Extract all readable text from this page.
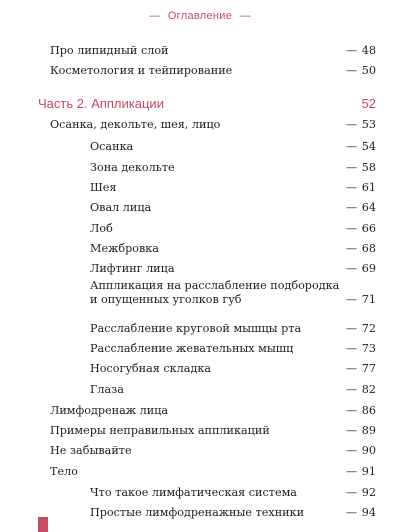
— Оглавление —
Про липидный слой	— 48
Косметология и тейпирование	— 50
Часть 2. Аппликации	52
Осанка, декольте, шея, лицо	— 53
Осанка	— 54
Зона декольте	— 58
Шея	— 61
Овал лица	— 64
Лоб	— 66
Межбровка	— 68
Лифтинг лица	— 69
Аппликация на расслабление подбородка
и опущенных уголков губ	— 71
Расслабление круговой мышцы рта	— 72
Расслабление жевательных мышц	— 73
Носогубная складка	— 77
Глаза	— 82
Лимфодренаж лица	— 86
Примеры неправильных аппликаций	— 89
Не забывайте	— 90
Тело	— 91
Что такое лимфатическая система	— 92
Простые лимфодренажные техники	— 94
